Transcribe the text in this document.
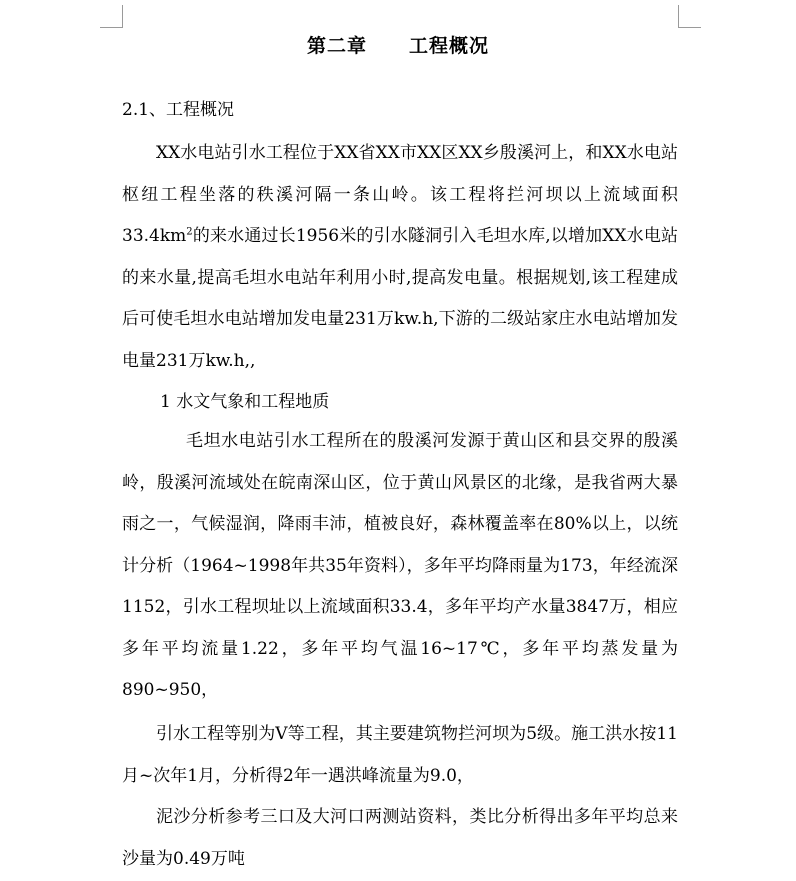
第二章 工程概况

2.1、工程概况

XX水电站引水工程位于XX省XX市XX区XX乡殷溪河上，和XX水电站枢纽工程坐落的秩溪河隔一条山岭。该工程将拦河坝以上流域面积$33.4km^2$的来水通过长1956米的引水隧洞引入毛坦水库,以增加XX水电站的来水量,提高毛坦水电站年利用小时,提高发电量。根据规划,该工程建成后可使毛坦水电站增加发电量231万kw.h,下游的二级站家庄水电站增加发电量231万kw.h,,

1 水文气象和工程地质

毛坦水电站引水工程所在的殷溪河发源于黄山区和县交界的殷溪岭，殷溪河流域处在皖南深山区，位于黄山风景区的北缘，是我省两大暴雨之一，气候湿润，降雨丰沛，植被良好，森林覆盖率在80%以上，以统计分析（1964~1998年共35年资料），多年平均降雨量为173，年经流深1152，引水工程坝址以上流域面积33.4，多年平均产水量3847万，相应多年平均流量1.22，多年平均气温16~17℃，多年平均蒸发量为890~950，

引水工程等别为Ⅴ等工程，其主要建筑物拦河坝为5级。施工洪水按11月~次年1月，分析得2年一遇洪峰流量为9.0，

泥沙分析参考三口及大河口两测站资料，类比分析得出多年平均总来沙量为0.49万吨
